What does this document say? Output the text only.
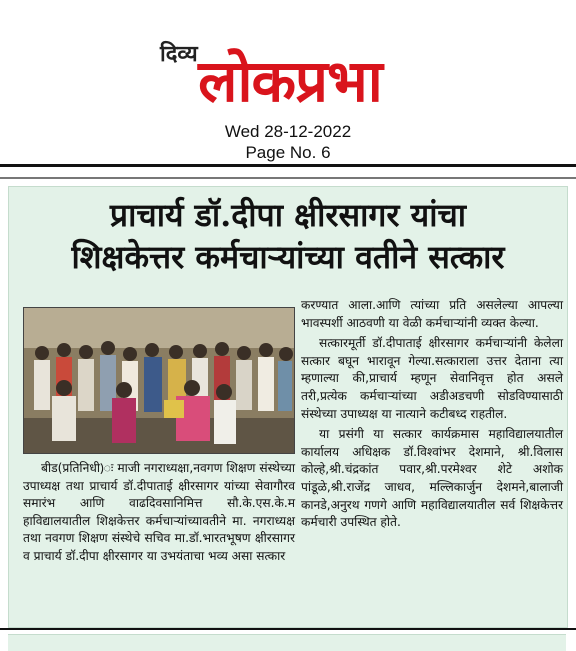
दिव्य लोकप्रभा
Wed 28-12-2022
Page No. 6
प्राचार्य डॉ.दीपा क्षीरसागर यांचा
शिक्षकेत्तर कर्मचाऱ्यांच्या वतीने सत्कार

बीड(प्रतिनिधी)ः माजी नगराध्यक्षा,नवगण शिक्षण संस्थेच्या उपाध्यक्ष तथा प्राचार्य डॉ.दीपाताई क्षीरसागर यांच्या सेवागौरव समारंभ आणि वाढदिवसानिमित्त सौ.के.एस.के.म हाविद्यालयातील शिक्षकेत्तर कर्मचाऱ्यांच्यावतीने मा. नगराध्यक्ष तथा नवगण शिक्षण संस्थेचे सचिव मा.डॉ.भारतभूषण क्षीरसागर व प्राचार्य डॉ.दीपा क्षीरसागर या उभयंताचा भव्य असा सत्कार

करण्यात आला.आणि त्यांच्या प्रति असलेल्या आपल्या भावस्पर्शी आठवणी या वेळी कर्मचाऱ्यांनी व्यक्त केल्या.

सत्कारमूर्ती डॉ.दीपाताई क्षीरसागर कर्मचाऱ्यांनी केलेला सत्कार बघून भारावून गेल्या.सत्काराला उत्तर देताना त्या म्हणाल्या की,प्राचार्य म्हणून सेवानिवृत्त होत असले तरी,प्रत्येक कर्मचाऱ्यांच्या अडीअडचणी सोडविण्यासाठी संस्थेच्या उपाध्यक्ष या नात्याने कटीबध्द राहतील.

या प्रसंगी या सत्कार कार्यक्रमास महाविद्यालयातील कार्यालय अधिक्षक डॉ.विश्वांभर देशमाने, श्री.विलास कोल्हे,श्री.चंद्रकांत पवार,श्री.परमेश्वर शेटे अशोक पांडूळे,श्री.राजेंद्र जाधव, मल्लिकार्जुन देशमने,बालाजी कानडे,अनुरथ गणगे आणि महाविद्यालयातील सर्व शिक्षकेत्तर कर्मचारी उपस्थित होते.
